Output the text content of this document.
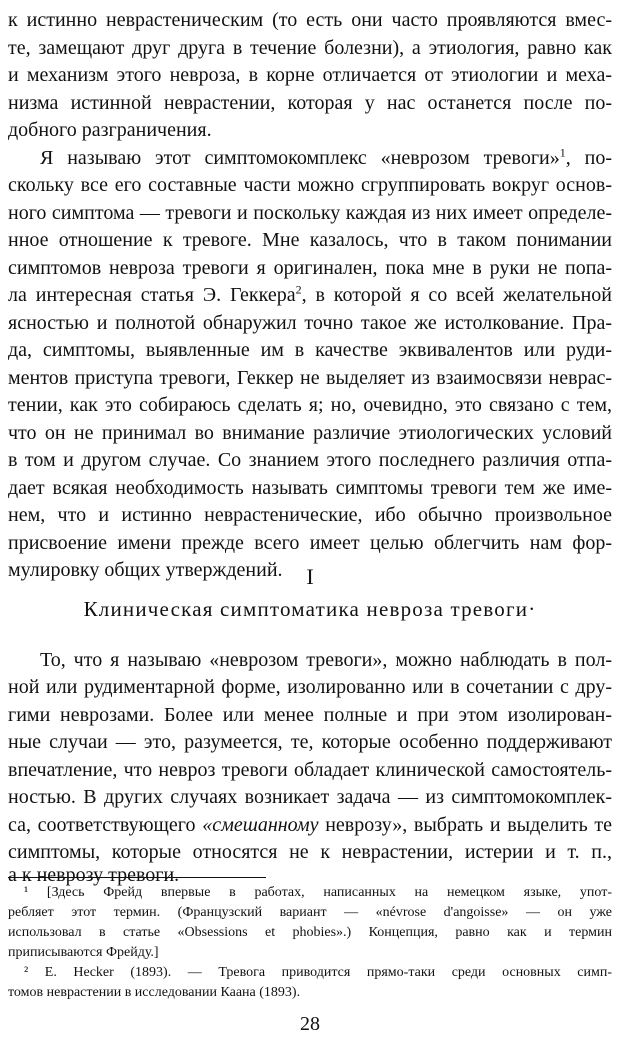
к истинно неврастеническим (то есть они часто проявляются вмес-
те, замещают друг друга в течение болезни), а этиология, равно как
и механизм этого невроза, в корне отличается от этиологии и меха-
низма истинной неврастении, которая у нас останется после по-
добного разграничения.
Я называю этот симптомокомплекс «неврозом тревоги»$^1$, по-
скольку все его составные части можно сгруппировать вокруг основ-
ного симптома — тревоги и поскольку каждая из них имеет определе-
нное отношение к тревоге. Мне казалось, что в таком понимании
симптомов невроза тревоги я оригинален, пока мне в руки не попа-
ла интересная статья Э. Геккера$^2$, в которой я со всей желательной
ясностью и полнотой обнаружил точно такое же истолкование. Пра-
да, симптомы, выявленные им в качестве эквивалентов или руди-
ментов приступа тревоги, Геккер не выделяет из взаимосвязи неврас-
тении, как это собираюсь сделать я; но, очевидно, это связано с тем,
что он не принимал во внимание различие этиологических условий
в том и другом случае. Со знанием этого последнего различия отпа-
дает всякая необходимость называть симптомы тревоги тем же име-
нем, что и истинно неврастенические, ибо обычно произвольное
присвоение имени прежде всего имеет целью облегчить нам фор-
мулировку общих утверждений.	I
Клиническая симптоматика невроза тревоги·
То, что я называю «неврозом тревоги», можно наблюдать в пол-
ной или рудиментарной форме, изолированно или в сочетании с дру-
гими неврозами. Более или менее полные и при этом изолирован-
ные случаи — это, разумеется, те, которые особенно поддерживают
впечатление, что невроз тревоги обладает клинической самостоятель-
ностью. В других случаях возникает задача — из симптомокомплек-
са, соответствующего «смешанному неврозу», выбрать и выделить те
симптомы, которые относятся не к неврастении, истерии и т. п.,
а к неврозу тревоги.
¹ [Здесь Фрейд впервые в работах, написанных на немецком языке, упот-
ребляет этот термин. (Французский вариант — «névrose d'angoisse» — он уже
использовал в статье «Obsessions et phobies».) Концепция, равно как и термин
приписываются Фрейду.]
² E. Hecker (1893). — Тревога приводится прямо-таки среди основных симп-
томов неврастении в исследовании Каана (1893).
28
